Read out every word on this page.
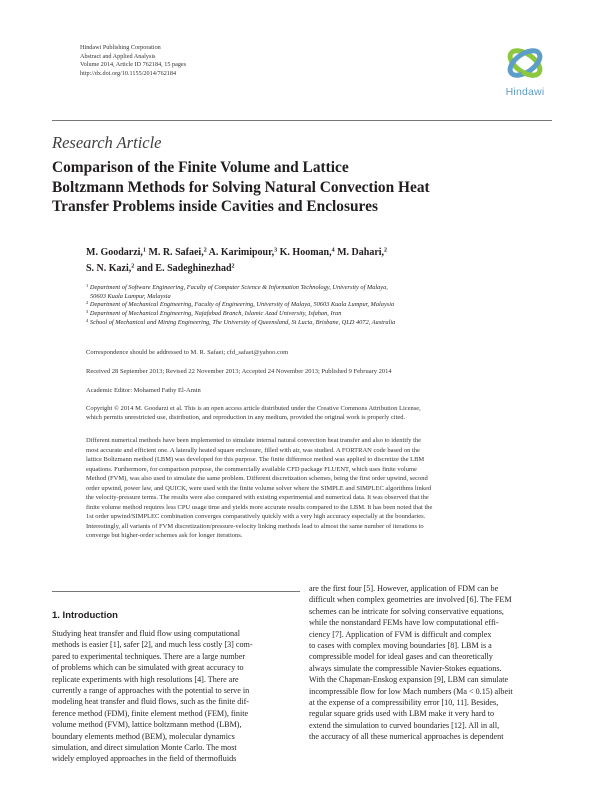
Hindawi Publishing Corporation
Abstract and Applied Analysis
Volume 2014, Article ID 762184, 15 pages
http://dx.doi.org/10.1155/2014/762184
Hindawi
Research Article
Comparison of the Finite Volume and Lattice
Boltzmann Methods for Solving Natural Convection Heat
Transfer Problems inside Cavities and Enclosures
M. Goodarzi,$^1$ M. R. Safaei,$^2$ A. Karimipour,$^3$ K. Hooman,$^4$ M. Dahari,$^2$
S. N. Kazi,$^2$ and E. Sadeghinezhad$^2$
$^1$ Department of Software Engineering, Faculty of Computer Science & Information Technology, University of Malaya,
50603 Kuala Lumpur, Malaysia
$^2$ Department of Mechanical Engineering, Faculty of Engineering, University of Malaya, 50603 Kuala Lumpur, Malaysia
$^3$ Department of Mechanical Engineering, Najafabad Branch, Islamic Azad University, Isfahan, Iran
$^4$ School of Mechanical and Mining Engineering, The University of Queensland, St Lucia, Brisbane, QLD 4072, Australia
Correspondence should be addressed to M. R. Safaei; cfd_safaei@yahoo.com
Received 28 September 2013; Revised 22 November 2013; Accepted 24 November 2013; Published 9 February 2014
Academic Editor: Mohamed Fathy El-Amin
Copyright © 2014 M. Goodarzi et al. This is an open access article distributed under the Creative Commons Attribution License,
which permits unrestricted use, distribution, and reproduction in any medium, provided the original work is properly cited.
Different numerical methods have been implemented to simulate internal natural convection heat transfer and also to identify the
most accurate and efficient one. A laterally heated square enclosure, filled with air, was studied. A FORTRAN code based on the
lattice Boltzmann method (LBM) was developed for this purpose. The finite difference method was applied to discretize the LBM
equations. Furthermore, for comparison purpose, the commercially available CFD package FLUENT, which uses finite volume
Method (FVM), was also used to simulate the same problem. Different discretization schemes, being the first order upwind, second
order upwind, power law, and QUICK, were used with the finite volume solver where the SIMPLE and SIMPLEC algorithms linked
the velocity-pressure terms. The results were also compared with existing experimental and numerical data. It was observed that the
finite volume method requires less CPU usage time and yields more accurate results compared to the LBM. It has been noted that the
1st order upwind/SIMPLEC combination converges comparatively quickly with a very high accuracy especially at the boundaries.
Interestingly, all variants of FVM discretization/pressure-velocity linking methods lead to almost the same number of iterations to
converge but higher-order schemes ask for longer iterations.
1. Introduction
Studying heat transfer and fluid flow using computational
methods is easier [1], safer [2], and much less costly [3] com-
pared to experimental techniques. There are a large number
of problems which can be simulated with great accuracy to
replicate experiments with high resolutions [4]. There are
currently a range of approaches with the potential to serve in
modeling heat transfer and fluid flows, such as the finite dif-
ference method (FDM), finite element method (FEM), finite
volume method (FVM), lattice boltzmann method (LBM),
boundary elements method (BEM), molecular dynamics
simulation, and direct simulation Monte Carlo. The most
widely employed approaches in the field of thermofluids
are the first four [5]. However, application of FDM can be
difficult when complex geometries are involved [6]. The FEM
schemes can be intricate for solving conservative equations,
while the nonstandard FEMs have low computational effi-
ciency [7]. Application of FVM is difficult and complex
to cases with complex moving boundaries [8]. LBM is a
compressible model for ideal gases and can theoretically
always simulate the compressible Navier-Stokes equations.
With the Chapman-Enskog expansion [9], LBM can simulate
incompressible flow for low Mach numbers (Ma < 0.15) albeit
at the expense of a compressibility error [10, 11]. Besides,
regular square grids used with LBM make it very hard to
extend the simulation to curved boundaries [12]. All in all,
the accuracy of all these numerical approaches is dependent
